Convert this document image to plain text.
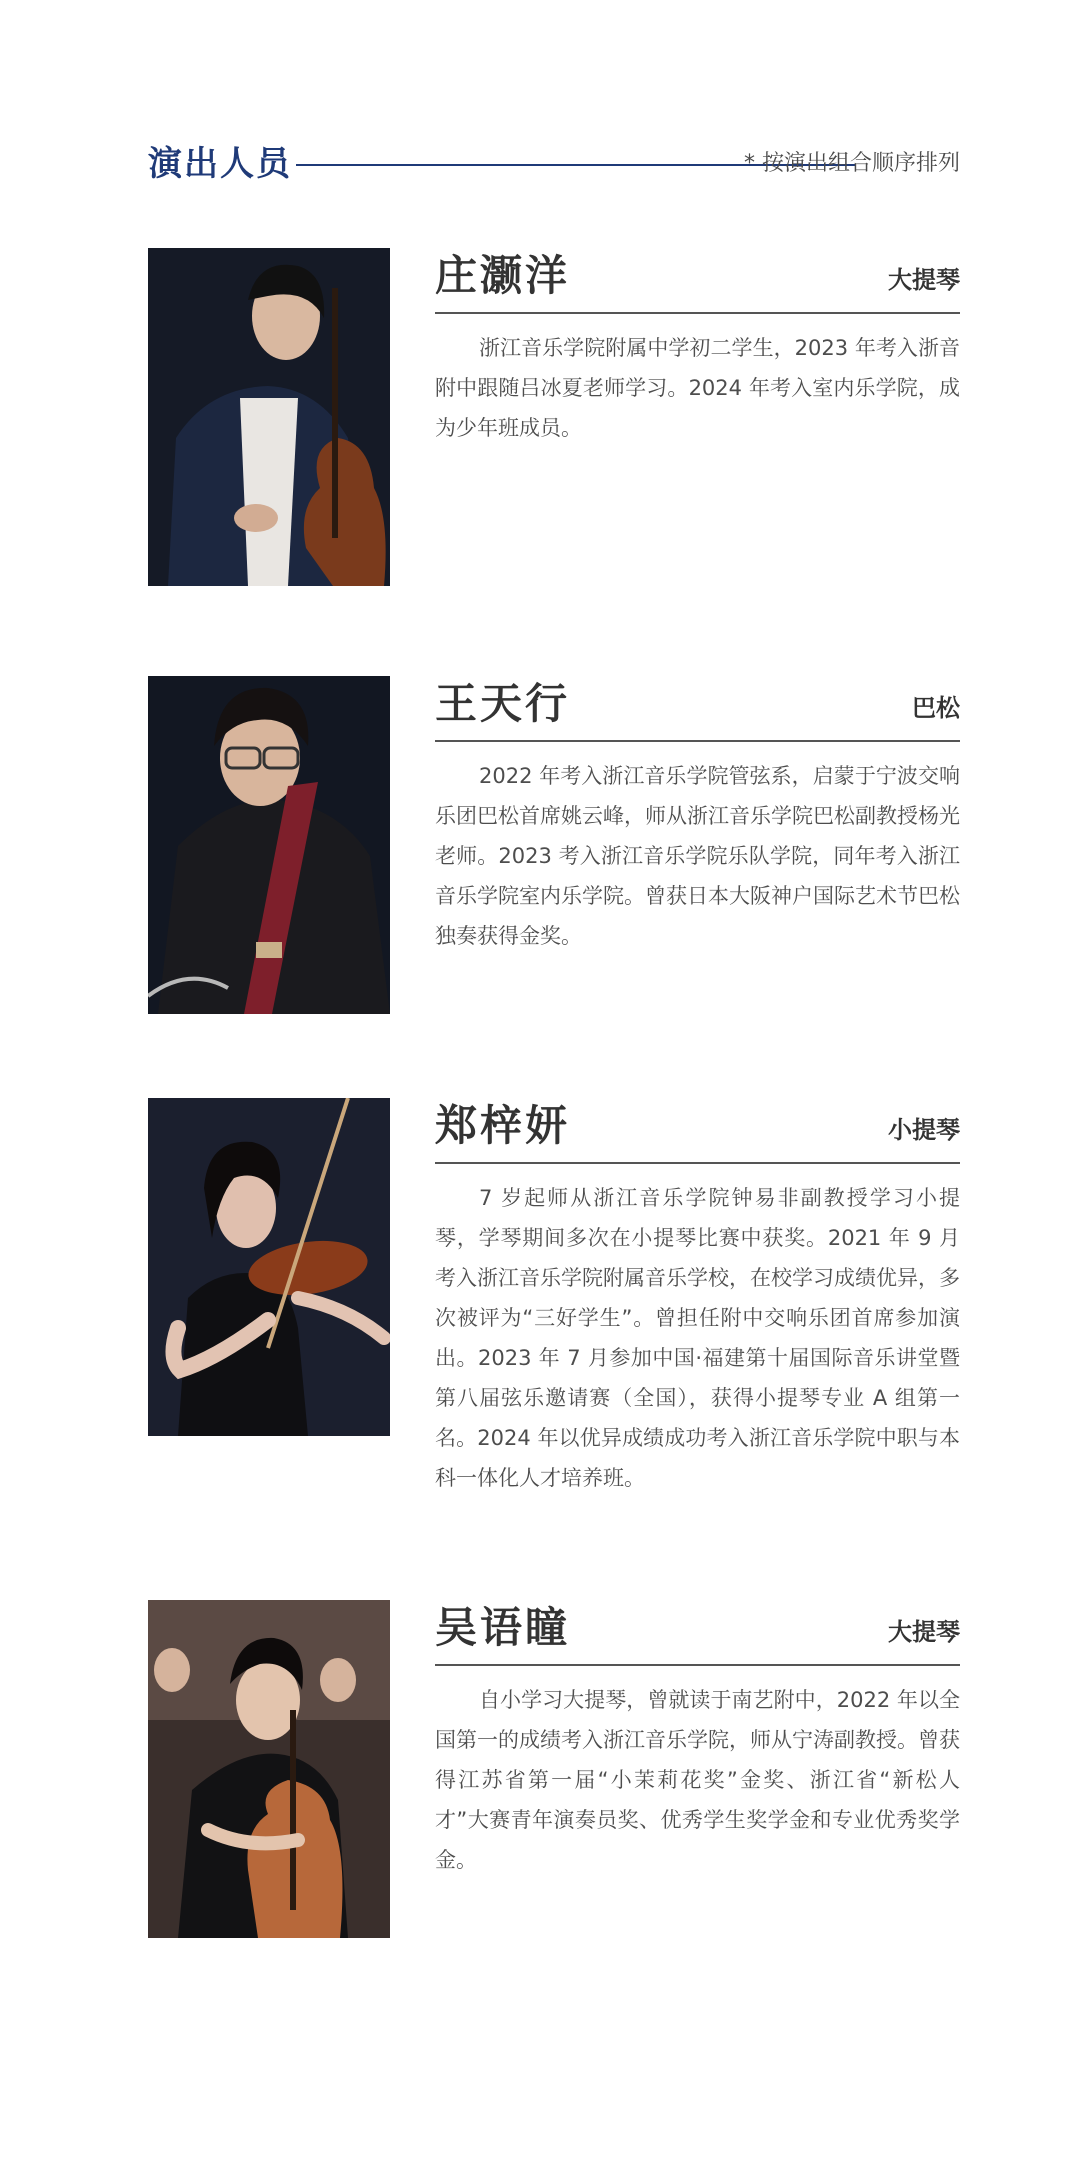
演出人员	* 按演出组合顺序排列
庄灏洋	大提琴

浙江音乐学院附属中学初二学生，2023 年考入浙音附中跟随吕冰夏老师学习。2024 年考入室内乐学院，成为少年班成员。

王天行	巴松

2022 年考入浙江音乐学院管弦系，启蒙于宁波交响乐团巴松首席姚云峰，师从浙江音乐学院巴松副教授杨光老师。2023 考入浙江音乐学院乐队学院，同年考入浙江音乐学院室内乐学院。曾获日本大阪神户国际艺术节巴松独奏获得金奖。

郑梓妍	小提琴

7 岁起师从浙江音乐学院钟易非副教授学习小提琴，学琴期间多次在小提琴比赛中获奖。2021 年 9 月考入浙江音乐学院附属音乐学校，在校学习成绩优异，多次被评为“三好学生”。曾担任附中交响乐团首席参加演出。2023 年 7 月参加中国·福建第十届国际音乐讲堂暨第八届弦乐邀请赛（全国），获得小提琴专业 A 组第一名。2024 年以优异成绩成功考入浙江音乐学院中职与本科一体化人才培养班。

吴语瞳	大提琴

自小学习大提琴，曾就读于南艺附中，2022 年以全国第一的成绩考入浙江音乐学院，师从宁涛副教授。曾获得江苏省第一届“小茉莉花奖”金奖、浙江省“新松人才”大赛青年演奏员奖、优秀学生奖学金和专业优秀奖学金。
